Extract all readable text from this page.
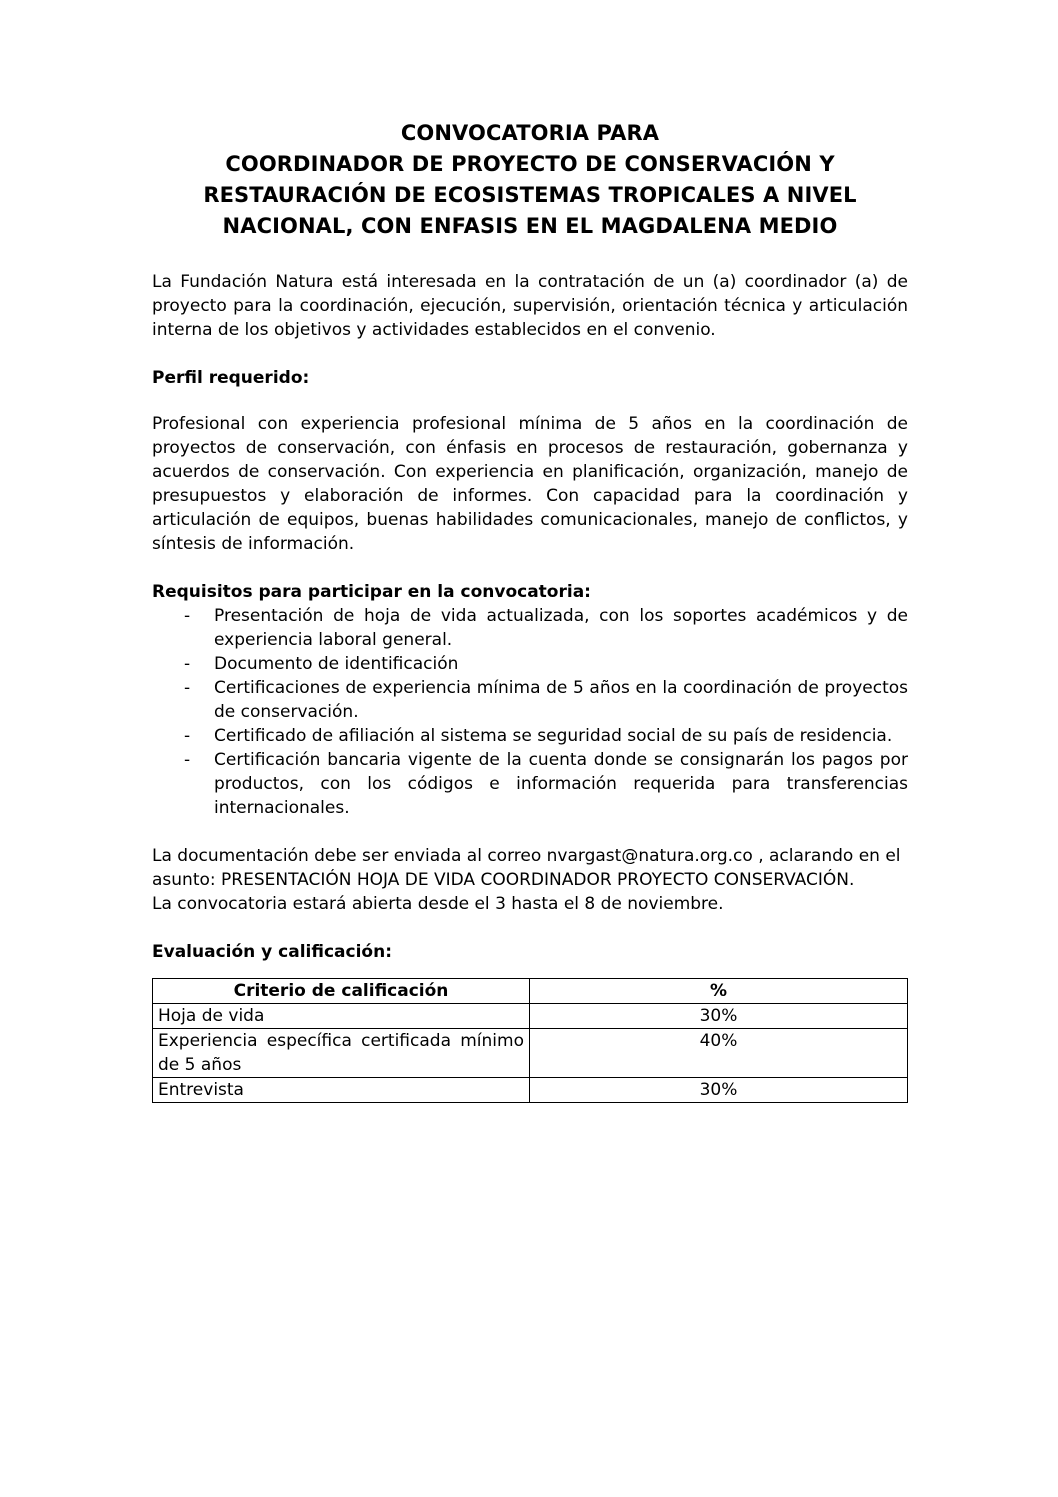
CONVOCATORIA PARA
COORDINADOR DE PROYECTO DE CONSERVACIÓN Y
RESTAURACIÓN DE ECOSISTEMAS TROPICALES A NIVEL
NACIONAL, CON ENFASIS EN EL MAGDALENA MEDIO

La Fundación Natura está interesada en la contratación de un (a) coordinador (a) de proyecto para la coordinación, ejecución, supervisión, orientación técnica y articulación interna de los objetivos y actividades establecidos en el convenio.

Perfil requerido:

Profesional con experiencia profesional mínima de 5 años en la coordinación de proyectos de conservación, con énfasis en procesos de restauración, gobernanza y acuerdos de conservación. Con experiencia en planificación, organización, manejo de presupuestos y elaboración de informes. Con capacidad para la coordinación y articulación de equipos, buenas habilidades comunicacionales, manejo de conflictos, y síntesis de información.

Requisitos para participar en la convocatoria:
- Presentación de hoja de vida actualizada, con los soportes académicos y de experiencia laboral general.
- Documento de identificación
- Certificaciones de experiencia mínima de 5 años en la coordinación de proyectos de conservación.
- Certificado de afiliación al sistema se seguridad social de su país de residencia.
- Certificación bancaria vigente de la cuenta donde se consignarán los pagos por productos, con los códigos e información requerida para transferencias internacionales.

La documentación debe ser enviada al correo nvargast@natura.org.co , aclarando en el
asunto: PRESENTACIÓN HOJA DE VIDA COORDINADOR PROYECTO CONSERVACIÓN.
La convocatoria estará abierta desde el 3 hasta el 8 de noviembre.

Evaluación y calificación:
Criterio de calificación	%
Hoja de vida	30%
Experiencia específica certificada mínimo de 5 años	40%
Entrevista	30%
